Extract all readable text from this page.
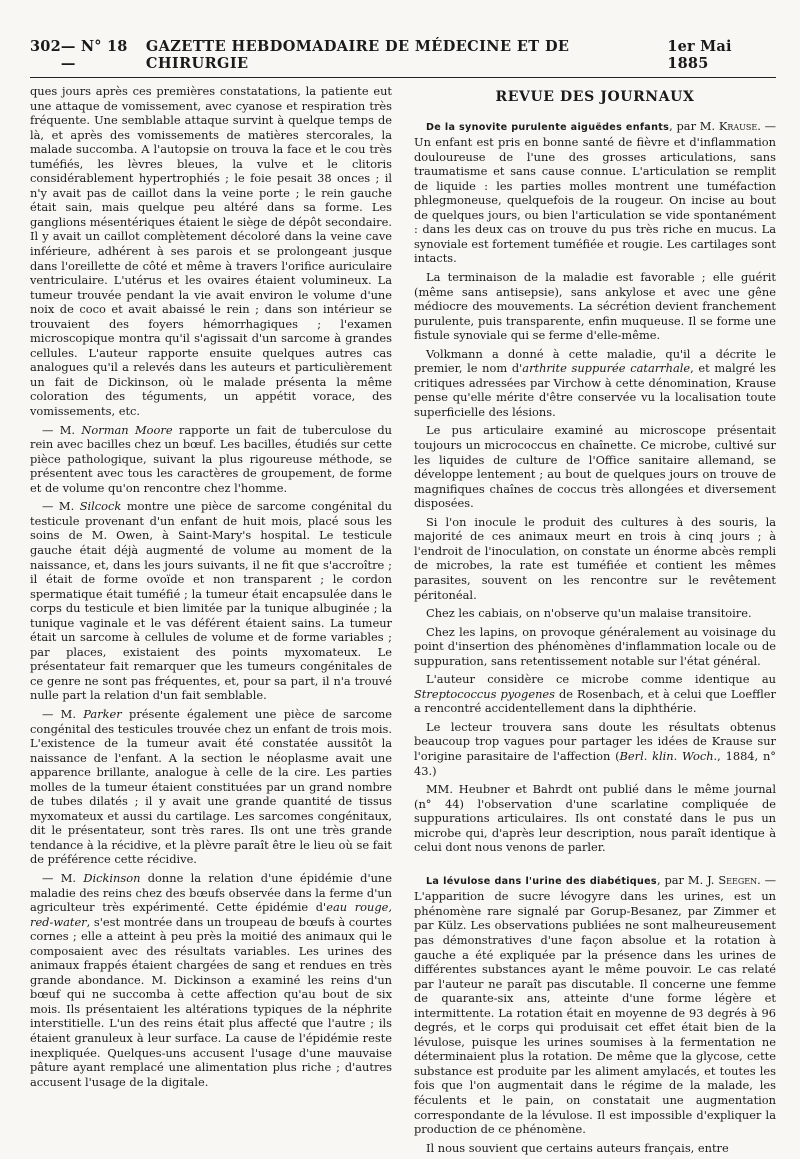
302 — N° 18 —
GAZETTE HEBDOMADAIRE DE MÉDECINE ET DE CHIRURGIE
1er Mai 1885

ques jours après ces premières constatations, la patiente eut une attaque de vomissement, avec cyanose et respiration très fréquente. Une semblable attaque survint à quelque temps de là, et après des vomissements de matières stercorales, la malade succomba. A l'autopsie on trouva la face et le cou très tuméfiés, les lèvres bleues, la vulve et le clitoris considérablement hypertrophiés ; le foie pesait 38 onces ; il n'y avait pas de caillot dans la veine porte ; le rein gauche était sain, mais quelque peu altéré dans sa forme. Les ganglions mésentériques étaient le siège de dépôt secondaire. Il y avait un caillot complètement décoloré dans la veine cave inférieure, adhérent à ses parois et se prolongeant jusque dans l'oreillette de côté et même à travers l'orifice auriculaire ventriculaire. L'utérus et les ovaires étaient volumineux. La tumeur trouvée pendant la vie avait environ le volume d'une noix de coco et avait abaissé le rein ; dans son intérieur se trouvaient des foyers hémorrhagiques ; l'examen microscopique montra qu'il s'agissait d'un sarcome à grandes cellules. L'auteur rapporte ensuite quelques autres cas analogues qu'il a relevés dans les auteurs et particulièrement un fait de Dickinson, où le malade présenta la même coloration des téguments, un appétit vorace, des vomissements, etc.

— M. Norman Moore rapporte un fait de tuberculose du rein avec bacilles chez un bœuf. Les bacilles, étudiés sur cette pièce pathologique, suivant la plus rigoureuse méthode, se présentent avec tous les caractères de groupement, de forme et de volume qu'on rencontre chez l'homme.

— M. Silcock montre une pièce de sarcome congénital du testicule provenant d'un enfant de huit mois, placé sous les soins de M. Owen, à Saint-Mary's hospital. Le testicule gauche était déjà augmenté de volume au moment de la naissance, et, dans les jours suivants, il ne fit que s'accroître ; il était de forme ovoïde et non transparent ; le cordon spermatique était tuméfié ; la tumeur était encapsulée dans le corps du testicule et bien limitée par la tunique albuginée ; la tunique vaginale et le vas déférent étaient sains. La tumeur était un sarcome à cellules de volume et de forme variables ; par places, existaient des points myxomateux. Le présentateur fait remarquer que les tumeurs congénitales de ce genre ne sont pas fréquentes, et, pour sa part, il n'a trouvé nulle part la relation d'un fait semblable.

— M. Parker présente également une pièce de sarcome congénital des testicules trouvée chez un enfant de trois mois. L'existence de la tumeur avait été constatée aussitôt la naissance de l'enfant. A la section le néoplasme avait une apparence brillante, analogue à celle de la cire. Les parties molles de la tumeur étaient constituées par un grand nombre de tubes dilatés ; il y avait une grande quantité de tissus myxomateux et aussi du cartilage. Les sarcomes congénitaux, dit le présentateur, sont très rares. Ils ont une très grande tendance à la récidive, et la plèvre paraît être le lieu où se fait de préférence cette récidive.

— M. Dickinson donne la relation d'une épidémie d'une maladie des reins chez des bœufs observée dans la ferme d'un agriculteur très expérimenté. Cette épidémie d'eau rouge, red-water, s'est montrée dans un troupeau de bœufs à courtes cornes ; elle a atteint à peu près la moitié des animaux qui le composaient avec des résultats variables. Les urines des animaux frappés étaient chargées de sang et rendues en très grande abondance. M. Dickinson a examiné les reins d'un bœuf qui ne succomba à cette affection qu'au bout de six mois. Ils présentaient les altérations typiques de la néphrite interstitielle. L'un des reins était plus affecté que l'autre ; ils étaient granuleux à leur surface. La cause de l'épidémie reste inexpliquée. Quelques-uns accusent l'usage d'une mauvaise pâture ayant remplacé une alimentation plus riche ; d'autres accusent l'usage de la digitale.

REVUE DES JOURNAUX

De la synovite purulente aiguëdes enfants, par M. Krause. — Un enfant est pris en bonne santé de fièvre et d'inflammation douloureuse de l'une des grosses articulations, sans traumatisme et sans cause connue. L'articulation se remplit de liquide : les parties molles montrent une tuméfaction phlegmoneuse, quelquefois de la rougeur. On incise au bout de quelques jours, ou bien l'articulation se vide spontanément : dans les deux cas on trouve du pus très riche en mucus. La synoviale est fortement tuméfiée et rougie. Les cartilages sont intacts.

La terminaison de la maladie est favorable ; elle guérit (même sans antisepsie), sans ankylose et avec une gêne médiocre des mouvements. La sécrétion devient franchement purulente, puis transparente, enfin muqueuse. Il se forme une fistule synoviale qui se ferme d'elle-même.

Volkmann a donné à cette maladie, qu'il a décrite le premier, le nom d'arthrite suppurée catarrhale, et malgré les critiques adressées par Virchow à cette dénomination, Krause pense qu'elle mérite d'être conservée vu la localisation toute superficielle des lésions.

Le pus articulaire examiné au microscope présentait toujours un micrococcus en chaînette. Ce microbe, cultivé sur les liquides de culture de l'Office sanitaire allemand, se développe lentement ; au bout de quelques jours on trouve de magnifiques chaînes de coccus très allongées et diversement disposées.

Si l'on inocule le produit des cultures à des souris, la majorité de ces animaux meurt en trois à cinq jours ; à l'endroit de l'inoculation, on constate un énorme abcès rempli de microbes, la rate est tuméfiée et contient les mêmes parasites, souvent on les rencontre sur le revêtement péritonéal.

Chez les cabiais, on n'observe qu'un malaise transitoire.

Chez les lapins, on provoque généralement au voisinage du point d'insertion des phénomènes d'inflammation locale ou de suppuration, sans retentissement notable sur l'état général.

L'auteur considère ce microbe comme identique au Streptococcus pyogenes de Rosenbach, et à celui que Loeffler a rencontré accidentellement dans la diphthérie.

Le lecteur trouvera sans doute les résultats obtenus beaucoup trop vagues pour partager les idées de Krause sur l'origine parasitaire de l'affection (Berl. klin. Woch., 1884, n° 43.)

MM. Heubner et Bahrdt ont publié dans le même journal (n° 44) l'observation d'une scarlatine compliquée de suppurations articulaires. Ils ont constaté dans le pus un microbe qui, d'après leur description, nous paraît identique à celui dont nous venons de parler.

La lévulose dans l'urine des diabétiques, par M. J. Seegen. — L'apparition de sucre lévogyre dans les urines, est un phénomène rare signalé par Gorup-Besanez, par Zimmer et par Külz. Les observations publiées ne sont malheureusement pas démonstratives d'une façon absolue et la rotation à gauche a été expliquée par la présence dans les urines de différentes substances ayant le même pouvoir. Le cas relaté par l'auteur ne paraît pas discutable. Il concerne une femme de quarante-six ans, atteinte d'une forme légère et intermittente. La rotation était en moyenne de 93 degrés à 96 degrés, et le corps qui produisait cet effet était bien de la lévulose, puisque les urines soumises à la fermentation ne déterminaient plus la rotation. De même que la glycose, cette substance est produite par les aliment amylacés, et toutes les fois que l'on augmentait dans le régime de la malade, les féculents et le pain, on constatait une augmentation correspondante de la lévulose. Il est impossible d'expliquer la production de ce phénomène.

Il nous souvient que certains auteurs français, entre
